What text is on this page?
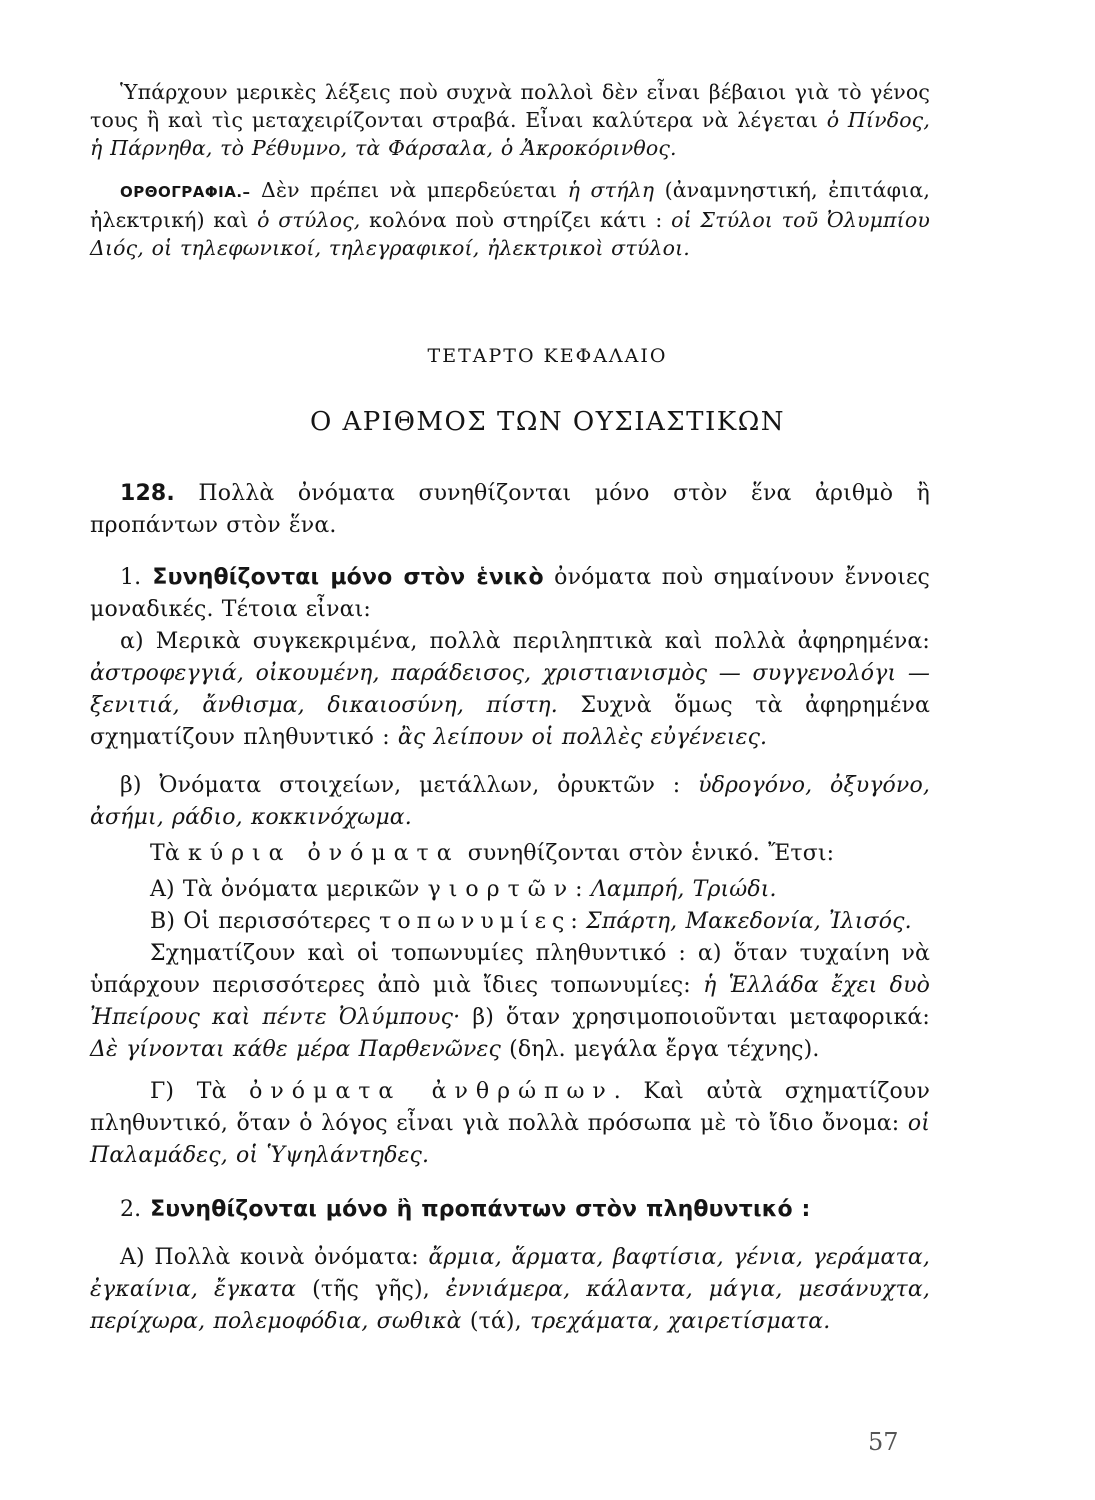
Ὑπάρχουν μερικὲς λέξεις ποὺ συχνὰ πολλοὶ δὲν εἶναι βέβαιοι γιὰ τὸ γένος τους ἢ καὶ τὶς μεταχειρίζονται στραβά. Εἶναι καλύτερα νὰ λέγεται ὁ Πίνδος, ἡ Πάρνηθα, τὸ Ρέθυμνο, τὰ Φάρσαλα, ὁ Ἀκροκόρινθος.
ΟΡΘΟΓΡΑΦΙΑ.– Δὲν πρέπει νὰ μπερδεύεται ἡ στήλη (ἀναμνηστική, ἐπιτάφια, ἠλεκτρική) καὶ ὁ στύλος, κολόνα ποὺ στηρίζει κάτι : οἱ Στύλοι τοῦ Ὀλυμπίου Διός, οἱ τηλεφωνικοί, τηλεγραφικοί, ἠλεκτρικοὶ στύλοι.
ΤΕΤΑΡΤΟ ΚΕΦΑΛΑΙΟ
Ο ΑΡΙΘΜΟΣ ΤΩΝ ΟΥΣΙΑΣΤΙΚΩΝ
128. Πολλὰ ὀνόματα συνηθίζονται μόνο στὸν ἕνα ἀριθμὸ ἢ προπάντων στὸν ἕνα.
1. Συνηθίζονται μόνο στὸν ἑνικὸ ὀνόματα ποὺ σημαίνουν ἔννοιες μοναδικές. Τέτοια εἶναι:
α) Μερικὰ συγκεκριμένα, πολλὰ περιληπτικὰ καὶ πολλὰ ἀφηρημένα: ἀστροφεγγιά, οἰκουμένη, παράδεισος, χριστιανισμὸς — συγγενολόγι — ξενιτιά, ἄνθισμα, δικαιοσύνη, πίστη. Συχνὰ ὅμως τὰ ἀφηρημένα σχηματίζουν πληθυντικό : ἂς λείπουν οἱ πολλὲς εὐγένειες.
β) Ὀνόματα στοιχείων, μετάλλων, ὀρυκτῶν : ὑδρογόνο, ὀξυγόνο, ἀσήμι, ράδιο, κοκκινόχωμα.
Τὰ κύρια ὀνόματα συνηθίζονται στὸν ἑνικό. Ἔτσι:
Α) Τὰ ὀνόματα μερικῶν γιορτῶν: Λαμπρή, Τριώδι.
Β) Οἱ περισσότερες τοπωνυμίες: Σπάρτη, Μακεδονία, Ἰλισός.
Σχηματίζουν καὶ οἱ τοπωνυμίες πληθυντικό : α) ὅταν τυχαίνη νὰ ὑπάρχουν περισσότερες ἀπὸ μιὰ ἴδιες τοπωνυμίες: ἡ Ἑλλάδα ἔχει δυὸ Ἠπείρους καὶ πέντε Ὀλύμπους· β) ὅταν χρησιμοποιοῦνται μεταφορικά: Δὲ γίνονται κάθε μέρα Παρθενῶνες (δηλ. μεγάλα ἔργα τέχνης).
Γ) Τὰ ὀνόματα ἀνθρώπων. Καὶ αὐτὰ σχηματίζουν πληθυντικό, ὅταν ὁ λόγος εἶναι γιὰ πολλὰ πρόσωπα μὲ τὸ ἴδιο ὄνομα: οἱ Παλαμάδες, οἱ Ὑψηλάντηδες.
2. Συνηθίζονται μόνο ἢ προπάντων στὸν πληθυντικό :
Α) Πολλὰ κοινὰ ὀνόματα: ἄρμια, ἅρματα, βαφτίσια, γένια, γεράματα, ἐγκαίνια, ἔγκατα (τῆς γῆς), ἐννιάμερα, κάλαντα, μάγια, μεσάνυχτα, περίχωρα, πολεμοφόδια, σωθικὰ (τά), τρεχάματα, χαιρετίσματα.
57
